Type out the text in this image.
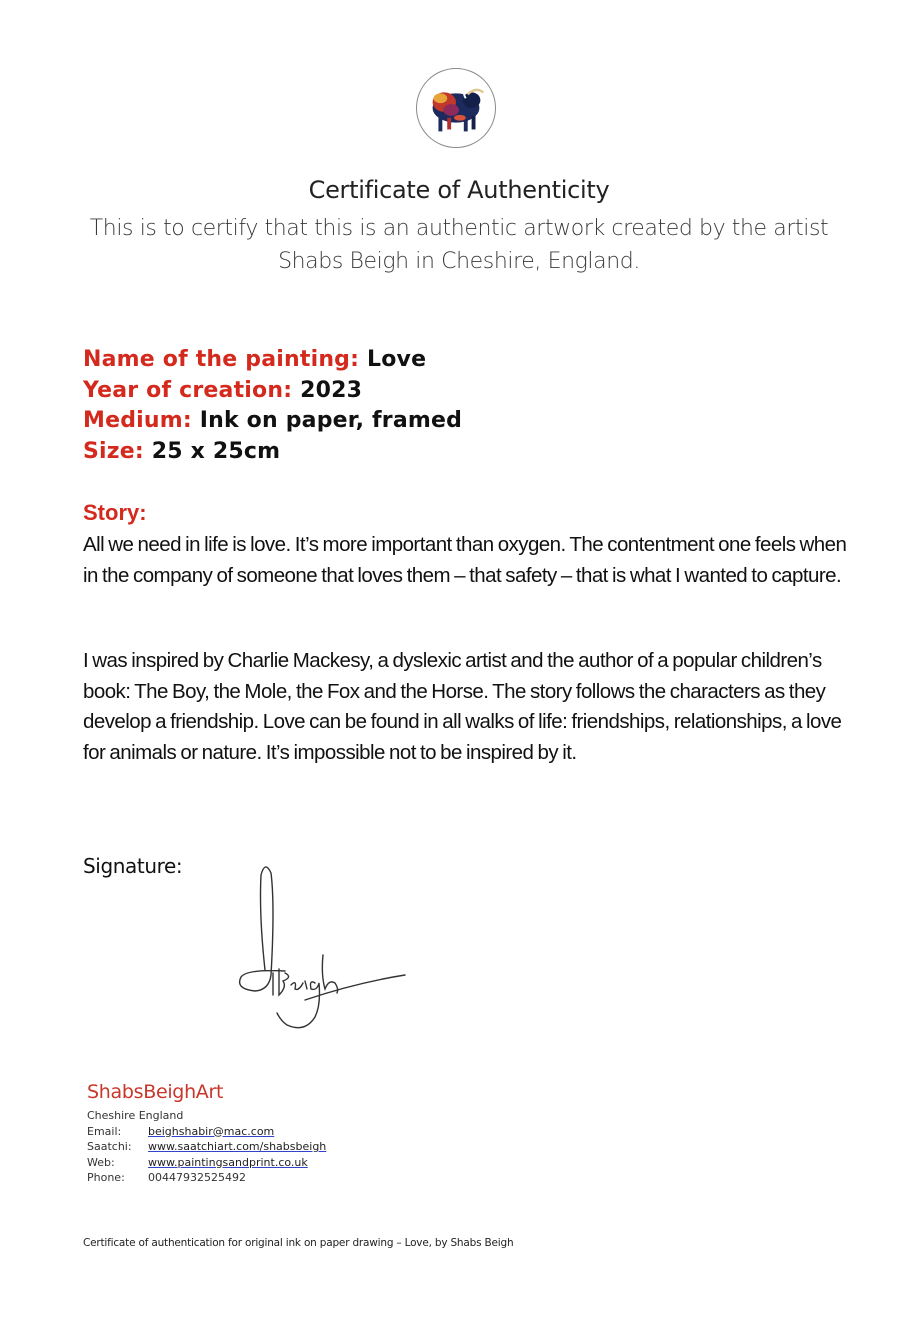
Certificate of Authenticity
This is to certify that this is an authentic artwork created by the artist
Shabs Beigh in Cheshire, England.
Name of the painting: Love
Year of creation: 2023
Medium: Ink on paper, framed
Size: 25 x 25cm
Story:
All we need in life is love. It’s more important than oxygen. The contentment one feels when in the company of someone that loves them – that safety – that is what I wanted to capture.
I was inspired by Charlie Mackesy, a dyslexic artist and the author of a popular children’s book: The Boy, the Mole, the Fox and the Horse. The story follows the characters as they develop a friendship. Love can be found in all walks of life: friendships, relationships, a love for animals or nature. It’s impossible not to be inspired by it.
Signature:
ShabsBeighArt
Cheshire England
Email:	beighshabir@mac.com
Saatchi:	www.saatchiart.com/shabsbeigh
Web:	www.paintingsandprint.co.uk
Phone:	00447932525492
Certificate of authentication for original ink on paper drawing – Love, by Shabs Beigh
